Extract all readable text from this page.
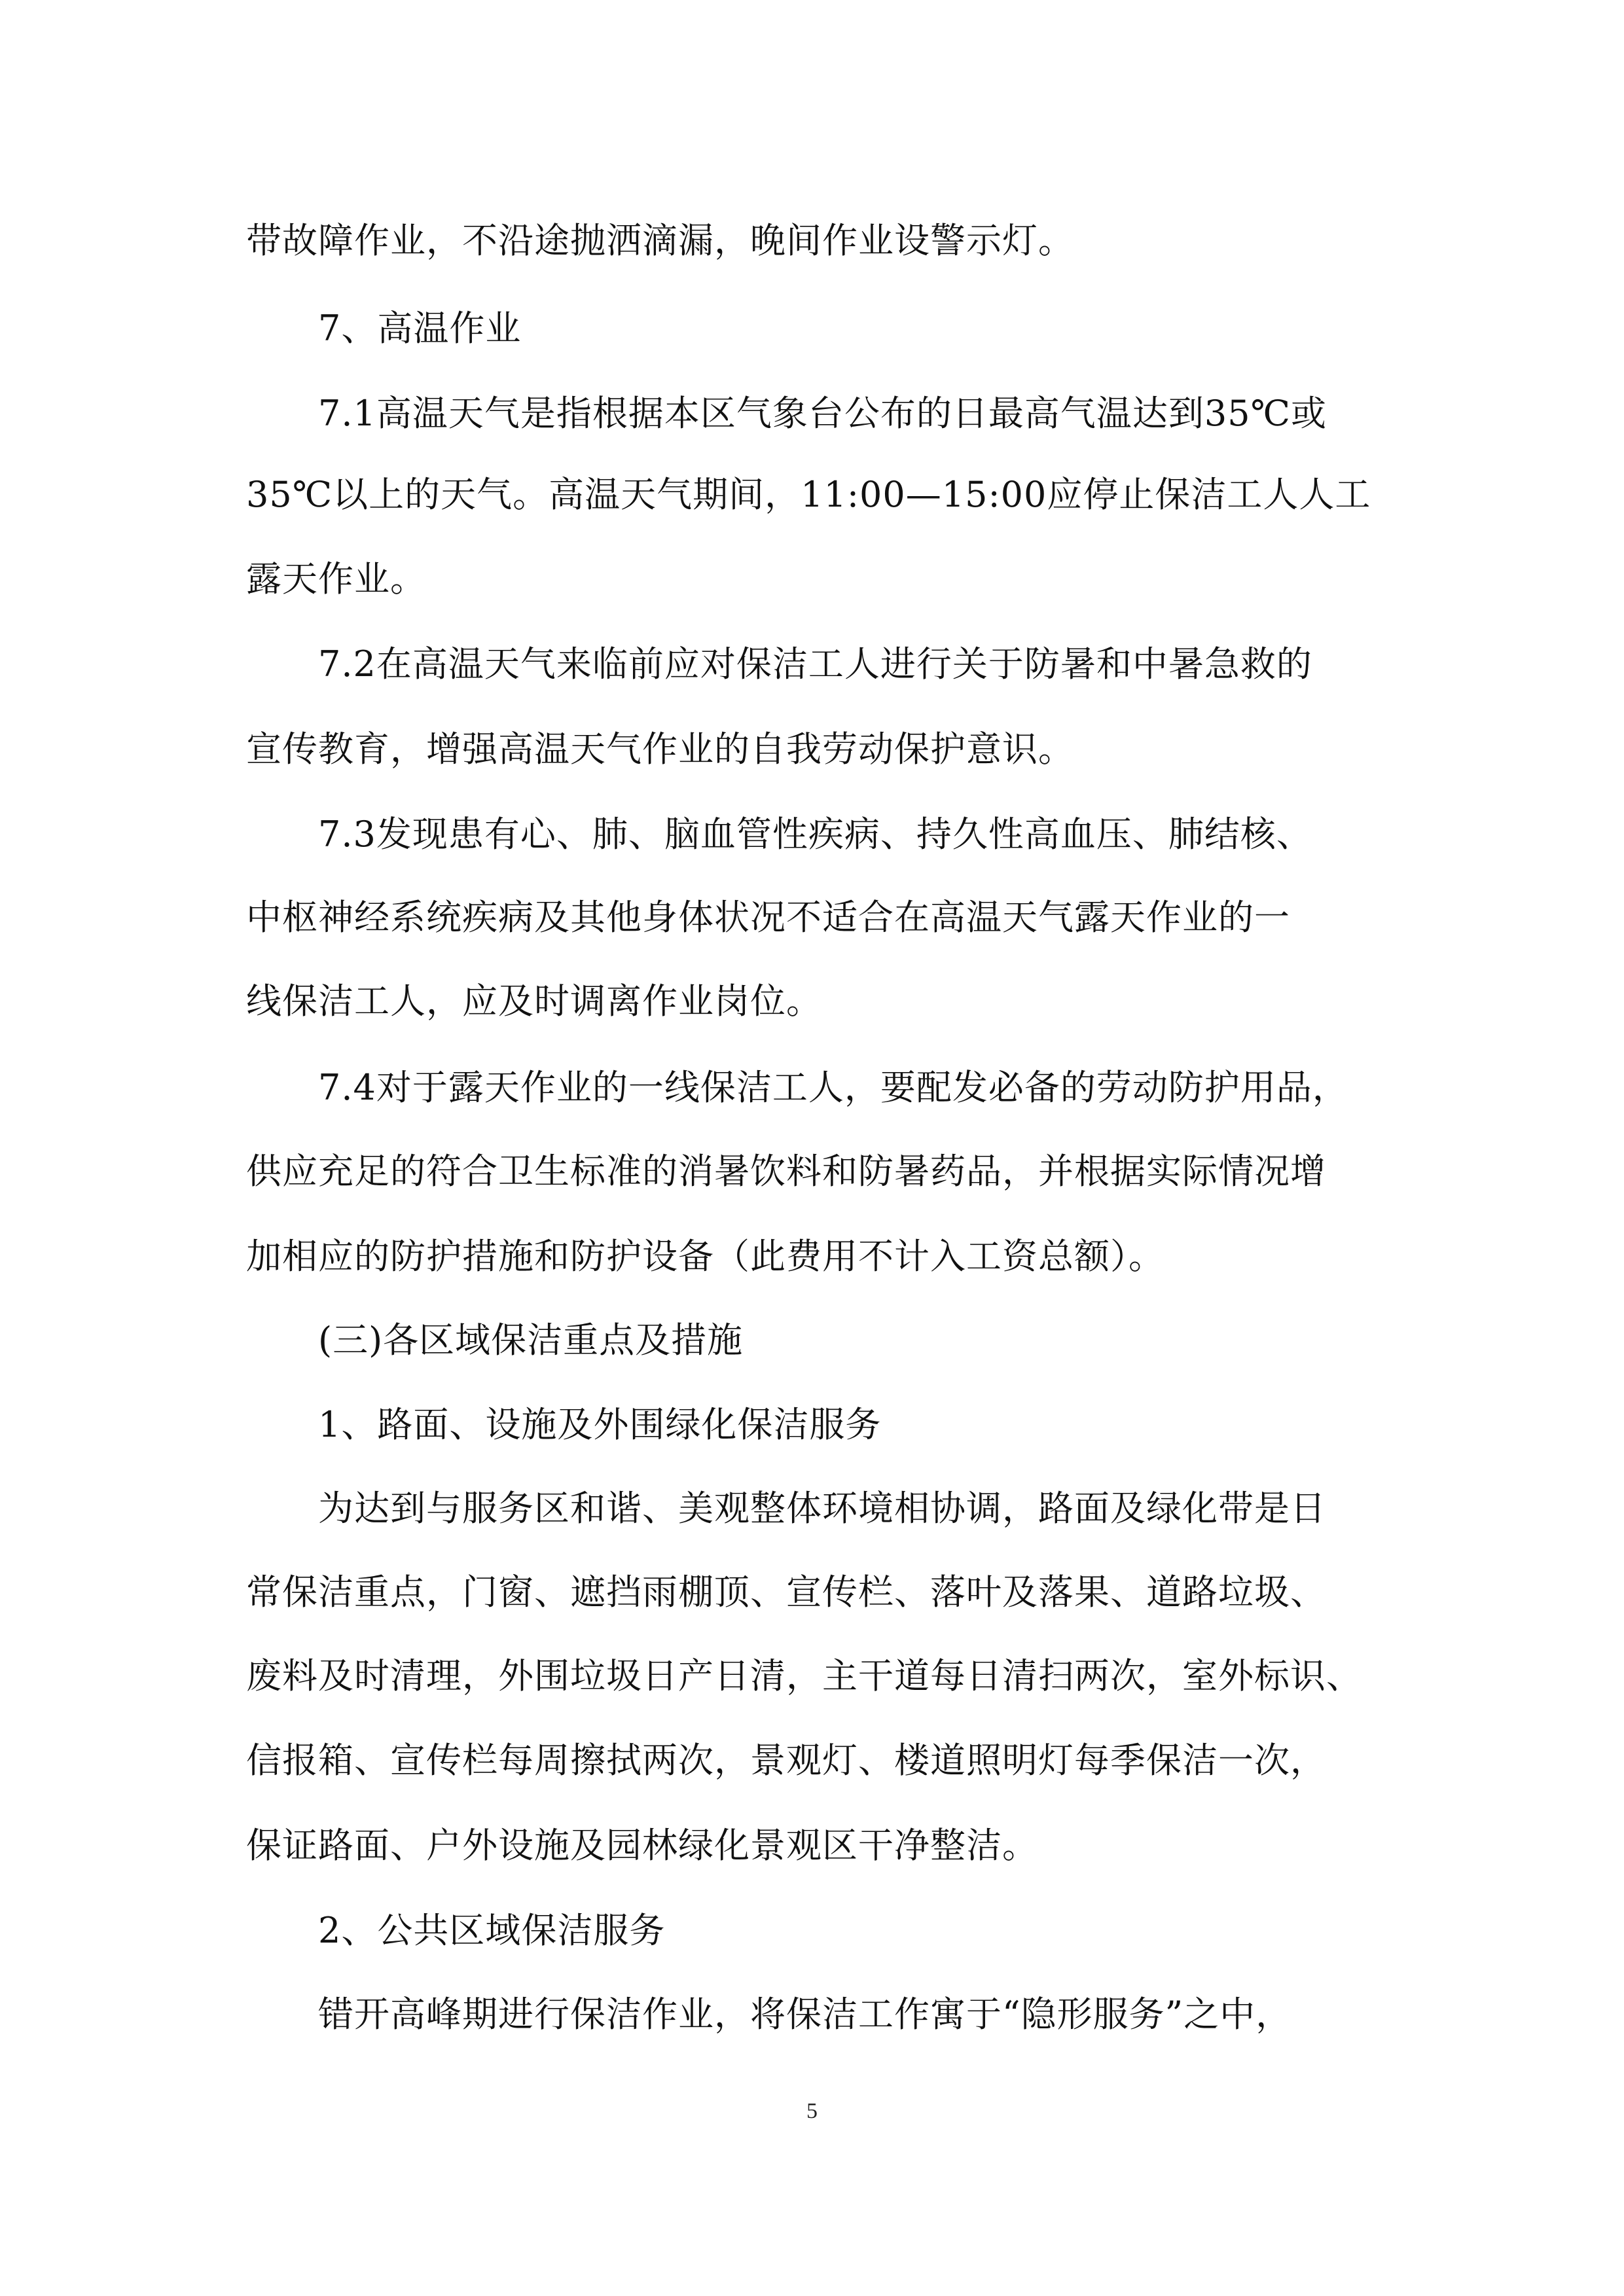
带故障作业，不沿途抛洒滴漏，晚间作业设警示灯。
7、高温作业
7.1高温天气是指根据本区气象台公布的日最高气温达到35℃或
35℃以上的天气。高温天气期间，11:00—15:00应停止保洁工人人工
露天作业。
7.2在高温天气来临前应对保洁工人进行关于防暑和中暑急救的
宣传教育，增强高温天气作业的自我劳动保护意识。
7.3发现患有心、肺、脑血管性疾病、持久性高血压、肺结核、
中枢神经系统疾病及其他身体状况不适合在高温天气露天作业的一
线保洁工人，应及时调离作业岗位。
7.4对于露天作业的一线保洁工人，要配发必备的劳动防护用品，
供应充足的符合卫生标准的消暑饮料和防暑药品，并根据实际情况增
加相应的防护措施和防护设备（此费用不计入工资总额）。
(三)各区域保洁重点及措施
1、路面、设施及外围绿化保洁服务
为达到与服务区和谐、美观整体环境相协调，路面及绿化带是日
常保洁重点，门窗、遮挡雨棚顶、宣传栏、落叶及落果、道路垃圾、
废料及时清理，外围垃圾日产日清，主干道每日清扫两次，室外标识、
信报箱、宣传栏每周擦拭两次，景观灯、楼道照明灯每季保洁一次，
保证路面、户外设施及园林绿化景观区干净整洁。
2、公共区域保洁服务
错开高峰期进行保洁作业，将保洁工作寓于“隐形服务”之中，
5
